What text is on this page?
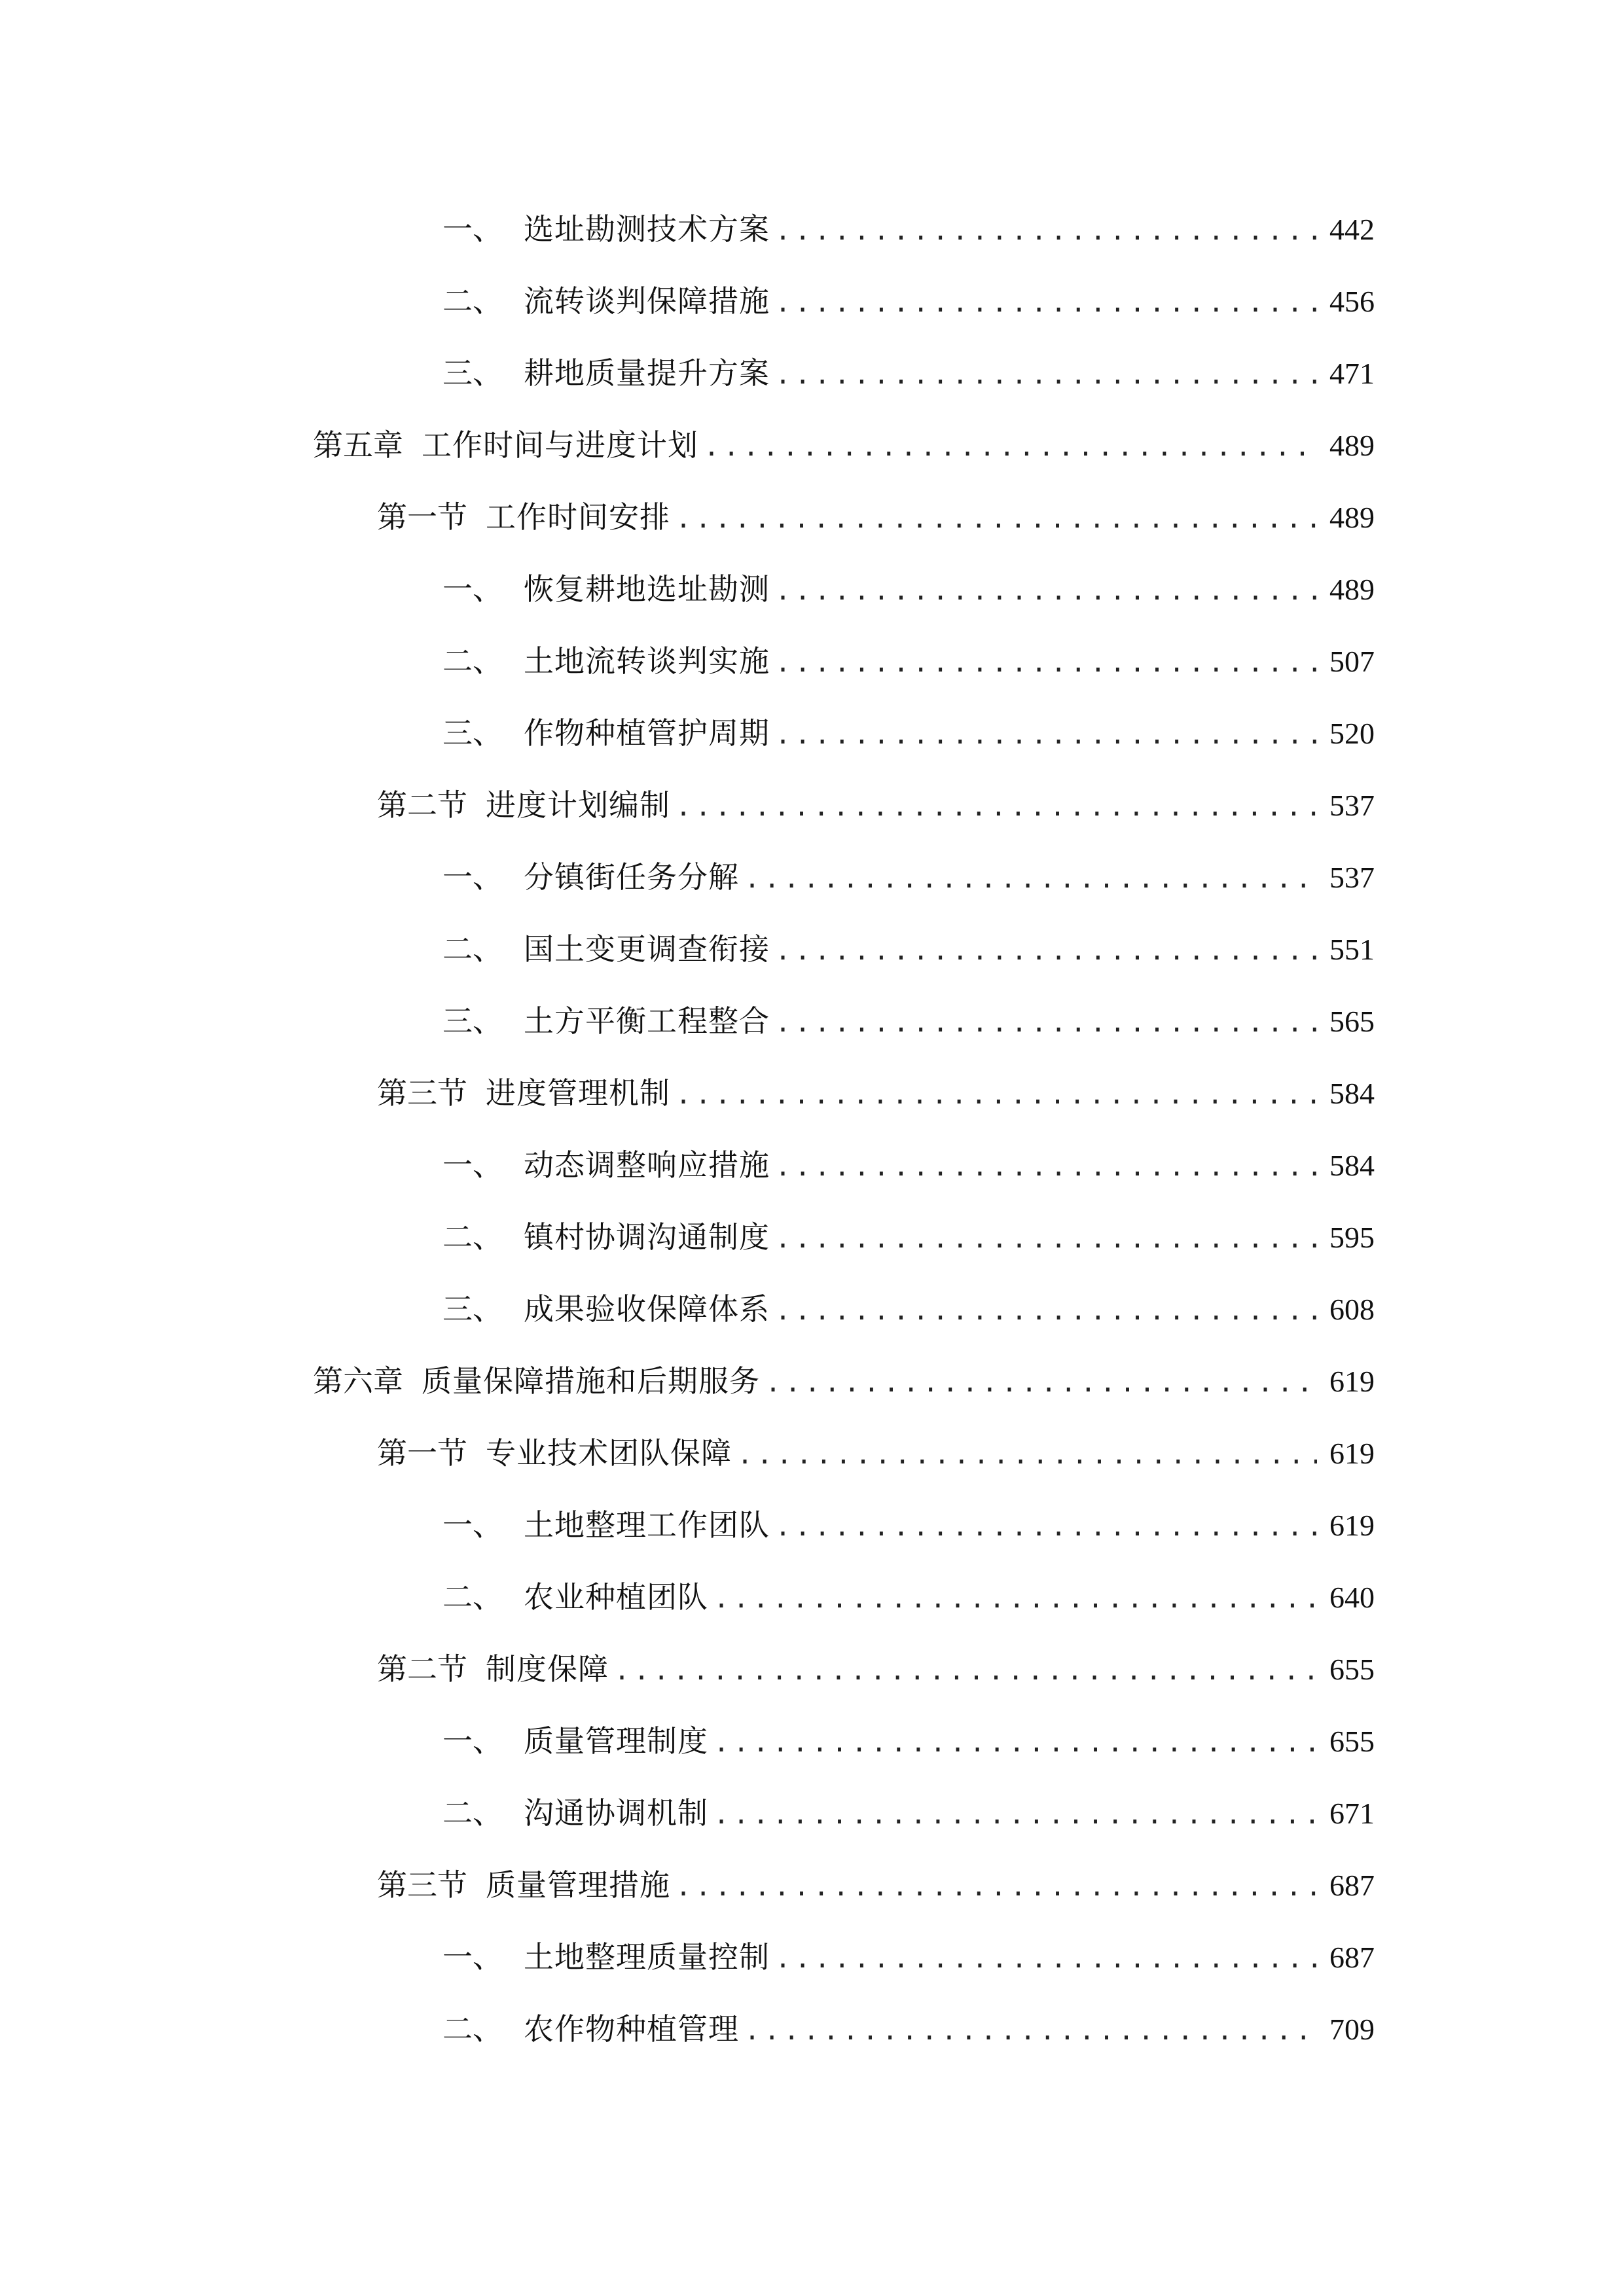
一、 选址勘测技术方案 .....	442
二、 流转谈判保障措施 .....	456
三、 耕地质量提升方案 .....	471
第五章 工作时间与进度计划 .....	489
第一节 工作时间安排 .....	489
一、 恢复耕地选址勘测 .....	489
二、 土地流转谈判实施 .....	507
三、 作物种植管护周期 .....	520
第二节 进度计划编制 .....	537
一、 分镇街任务分解 .....	537
二、 国土变更调查衔接 .....	551
三、 土方平衡工程整合 .....	565
第三节 进度管理机制 .....	584
一、 动态调整响应措施 .....	584
二、 镇村协调沟通制度 .....	595
三、 成果验收保障体系 .....	608
第六章 质量保障措施和后期服务 .....	619
第一节 专业技术团队保障 .....	619
一、 土地整理工作团队 .....	619
二、 农业种植团队 .....	640
第二节 制度保障 .....	655
一、 质量管理制度 .....	655
二、 沟通协调机制 .....	671
第三节 质量管理措施 .....	687
一、 土地整理质量控制 .....	687
二、 农作物种植管理 .....	709
